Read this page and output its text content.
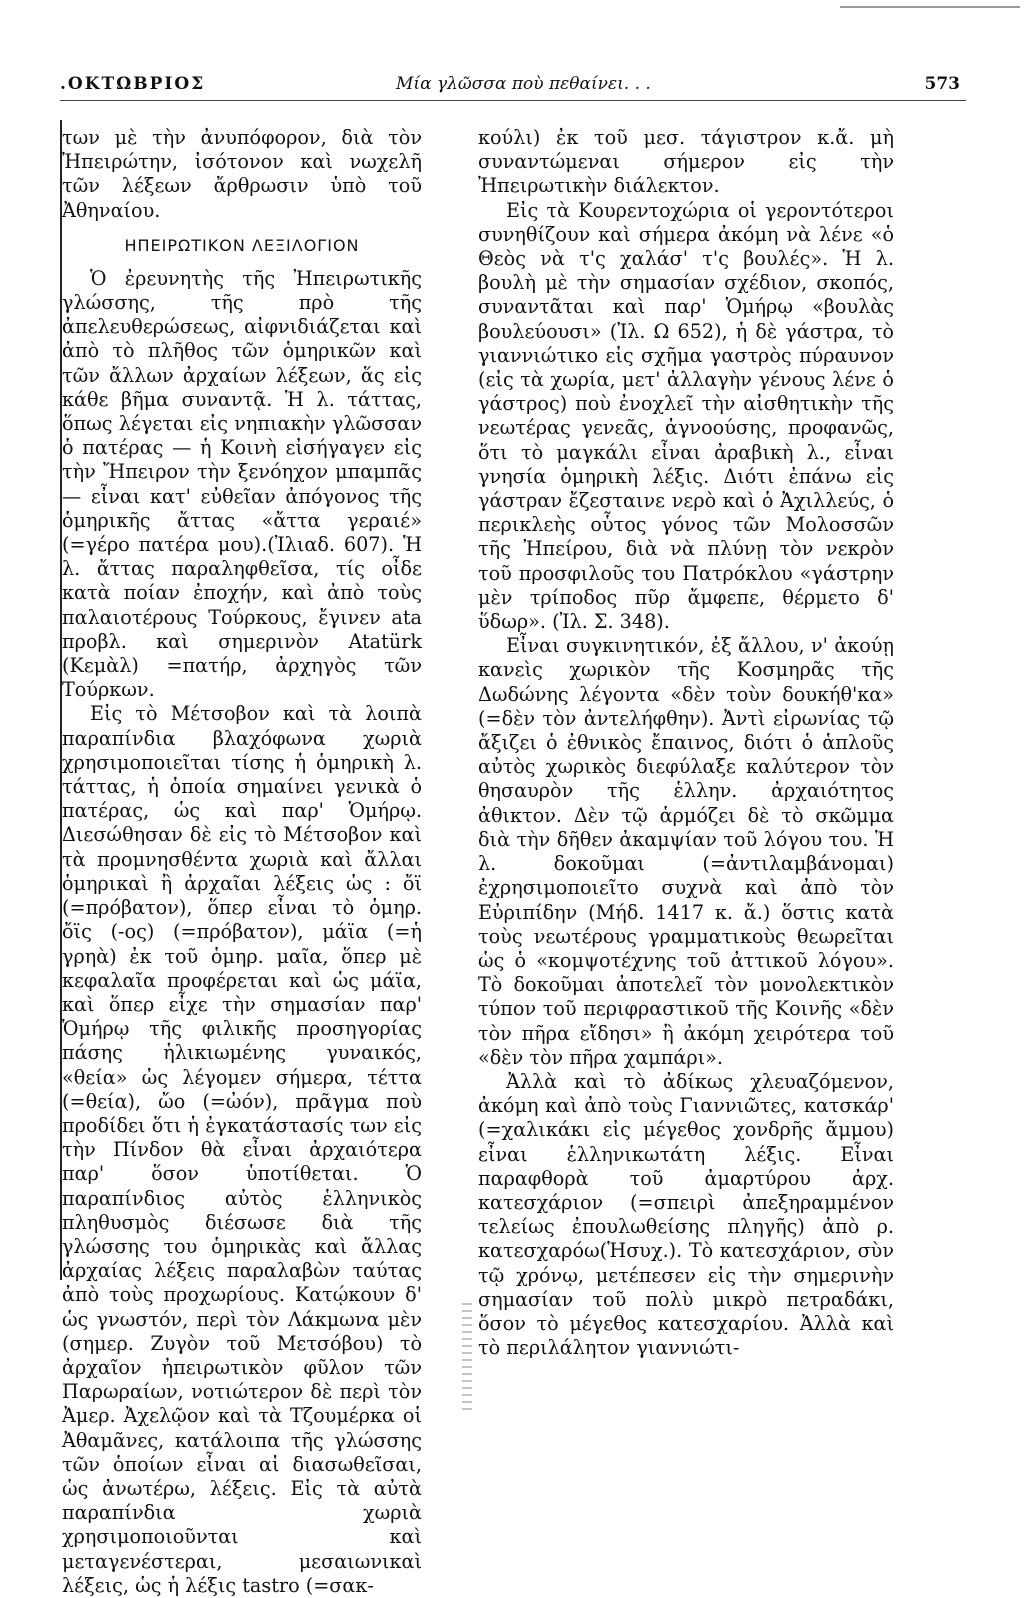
.ΟΚΤΩΒΡΙΟΣ	Μία γλῶσσα ποὺ πεθαίνει. . .	573

των μὲ τὴν ἀνυπόφορον, διὰ τὸν Ἠπειρώτην, ἰσότονον καὶ νωχελῆ τῶν λέξεων ἄρθρωσιν ὑπὸ τοῦ Ἀθηναίου.

ΗΠΕΙΡΩΤΙΚΟΝ ΛΕΞΙΛΟΓΙΟΝ

Ὁ ἐρευνητὴς τῆς Ἠπειρωτικῆς γλώσσης, τῆς πρὸ τῆς ἀπελευθερώσεως, αἰφνιδιάζεται καὶ ἀπὸ τὸ πλῆθος τῶν ὁμηρικῶν καὶ τῶν ἄλλων ἀρχαίων λέξεων, ἅς εἰς κάθε βῆμα συναντᾷ. Ἡ λ. τάττας, ὅπως λέγεται εἰς νηπιακὴν γλῶσσαν ὁ πατέρας — ἡ Κοινὴ εἰσήγαγεν εἰς τὴν Ἤπειρον τὴν ξενόηχον μπαμπᾶς — εἶναι κατ' εὐθεῖαν ἀπόγονος τῆς ὁμηρικῆς ἄττας «ἄττα γεραιέ» (=γέρο πατέρα μου).(Ἰλιαδ. 607). Ἡ λ. ἄττας παραληφθεῖσα, τίς οἶδε κατὰ ποίαν ἐποχήν, καὶ ἀπὸ τοὺς παλαιοτέρους Τούρκους, ἔγινεν ata προβλ. καὶ σημερινὸν Atatürk (Κεμὰλ) =πατήρ, ἀρχηγὸς τῶν Τούρκων.

Εἰς τὸ Μέτσοβον καὶ τὰ λοιπὰ παραπίνδια βλαχόφωνα χωριὰ χρησιμοποιεῖται τίσης ἡ ὁμηρικὴ λ. τάττας, ἡ ὁποία σημαίνει γενικὰ ὁ πατέρας, ὡς καὶ παρ' Ὁμήρῳ. Διεσώθησαν δὲ εἰς τὸ Μέτσοβον καὶ τὰ προμνησθέντα χωριὰ καὶ ἄλλαι ὁμηρικαὶ ἢ ἀρχαῖαι λέξεις ὡς : ὄϊ (=πρόβατον), ὅπερ εἶναι τὸ ὁμηρ. ὄϊς (-ος) (=πρόβατον), μάϊα (=ἡ γρηὰ) ἐκ τοῦ ὁμηρ. μαῖα, ὅπερ μὲ κεφαλαῖα προφέρεται καὶ ὡς μάϊα, καὶ ὅπερ εἶχε τὴν σημασίαν παρ' Ὁμήρῳ τῆς φιλικῆς προσηγορίας πάσης ἡλικιωμένης γυναικός, «θεία» ὡς λέγομεν σήμερα, τέττα (=θεία), ὤο (=ὠόν), πρᾶγμα ποὺ προδίδει ὅτι ἡ ἐγκατάστασίς των εἰς τὴν Πίνδον θὰ εἶναι ἀρχαιότερα παρ' ὅσον ὑποτίθεται. Ὁ παραπίνδιος αὐτὸς ἑλληνικὸς πληθυσμὸς διέσωσε διὰ τῆς γλώσσης του ὁμηρικὰς καὶ ἄλλας ἀρχαίας λέξεις παραλαβὼν ταύτας ἀπὸ τοὺς προχωρίους. Κατῴκουν δ' ὡς γνωστόν, περὶ τὸν Λάκμωνα μὲν (σημερ. Ζυγὸν τοῦ Μετσόβου) τὸ ἀρχαῖον ἠπειρωτικὸν φῦλον τῶν Παρωραίων, νοτιώτερον δὲ περὶ τὸν Ἀμερ. Ἀχελῷον καὶ τὰ Τζουμέρκα οἱ Ἀθαμᾶνες, κατάλοιπα τῆς γλώσσης τῶν ὁποίων εἶναι αἱ διασωθεῖσαι, ὡς ἀνωτέρω, λέξεις. Εἰς τὰ αὐτὰ παραπίνδια χωριὰ χρησιμοποιοῦνται καὶ μεταγενέστεραι, μεσαιωνικαὶ λέξεις, ὡς ἡ λέξις tastro (=σακ-

κούλι) ἐκ τοῦ μεσ. τάγιστρον κ.ἄ. μὴ συναντώμεναι σήμερον εἰς τὴν Ἠπειρωτικὴν διάλεκτον.

Εἰς τὰ Κουρεντοχώρια οἱ γεροντότεροι συνηθίζουν καὶ σήμερα ἀκόμη νὰ λένε «ὁ Θεὸς νὰ τ'ς χαλάσ' τ'ς βουλές». Ἡ λ. βουλὴ μὲ τὴν σημασίαν σχέδιον, σκοπός, συναντᾶται καὶ παρ' Ὁμήρῳ «βουλὰς βουλεύουσι» (Ἰλ. Ω 652), ἡ δὲ γάστρα, τὸ γιαννιώτικο εἰς σχῆμα γαστρὸς πύραυνον (εἰς τὰ χωρία, μετ' ἀλλαγὴν γένους λένε ὁ γάστρος) ποὺ ἐνοχλεῖ τὴν αἰσθητικὴν τῆς νεωτέρας γενεᾶς, ἀγνοούσης, προφανῶς, ὅτι τὸ μαγκάλι εἶναι ἀραβικὴ λ., εἶναι γνησία ὁμηρικὴ λέξις. Διότι ἐπάνω εἰς γάστραν ἔζεσταινε νερὸ καὶ ὁ Ἀχιλλεύς, ὁ περικλεὴς οὗτος γόνος τῶν Μολοσσῶν τῆς Ἠπείρου, διὰ νὰ πλύνῃ τὸν νεκρὸν τοῦ προσφιλοῦς του Πατρόκλου «γάστρην μὲν τρίποδος πῦρ ἄμφεπε, θέρμετο δ' ὕδωρ». (Ἰλ. Σ. 348).

Εἶναι συγκινητικόν, ἐξ ἄλλου, ν' ἀκούῃ κανεὶς χωρικὸν τῆς Κοσμηρᾶς τῆς Δωδώνης λέγοντα «δὲν τοὺν δουκήθ'κα» (=δὲν τὸν ἀντελήφθην). Ἀντὶ εἰρωνίας τῷ ἄξιζει ὁ ἐθνικὸς ἔπαινος, διότι ὁ ἁπλοῦς αὐτὸς χωρικὸς διεφύλαξε καλύτερον τὸν θησαυρὸν τῆς ἑλλην. ἀρχαιότητος ἀθικτον. Δὲν τῷ ἁρμόζει δὲ τὸ σκῶμμα διὰ τὴν δῆθεν ἀκαμψίαν τοῦ λόγου του. Ἡ λ. δοκοῦμαι (=ἀντιλαμβάνομαι) ἐχρησιμοποιεῖτο συχνὰ καὶ ἀπὸ τὸν Εὐριπίδην (Μήδ. 1417 κ. ἄ.) ὅστις κατὰ τοὺς νεωτέρους γραμματικοὺς θεωρεῖται ὡς ὁ «κομψοτέχνης τοῦ ἀττικοῦ λόγου». Τὸ δοκοῦμαι ἀποτελεῖ τὸν μονολεκτικὸν τύπον τοῦ περιφραστικοῦ τῆς Κοινῆς «δὲν τὸν πῆρα εἴδησι» ἢ ἀκόμη χειρότερα τοῦ «δὲν τὸν πῆρα χαμπάρι».

Ἀλλὰ καὶ τὸ ἀδίκως χλευαζόμενον, ἀκόμη καὶ ἀπὸ τοὺς Γιαννιῶτες, κατσκάρ' (=χαλικάκι εἰς μέγεθος χονδρῆς ἄμμου) εἶναι ἑλληνικωτάτη λέξις. Εἶναι παραφθορὰ τοῦ ἀμαρτύρου ἀρχ. κατεσχάριον (=σπειρὶ ἀπεξηραμμένον τελείως ἐπουλωθείσης πληγῆς) ἀπὸ ρ. κατεσχαρόω(Ἡσυχ.). Τὸ κατεσχάριον, σὺν τῷ χρόνῳ, μετέπεσεν εἰς τὴν σημερινὴν σημασίαν τοῦ πολὺ μικρὸ πετραδάκι, ὅσον τὸ μέγεθος κατεσχαρίου. Ἀλλὰ καὶ τὸ περιλάλητον γιαννιώτι-
